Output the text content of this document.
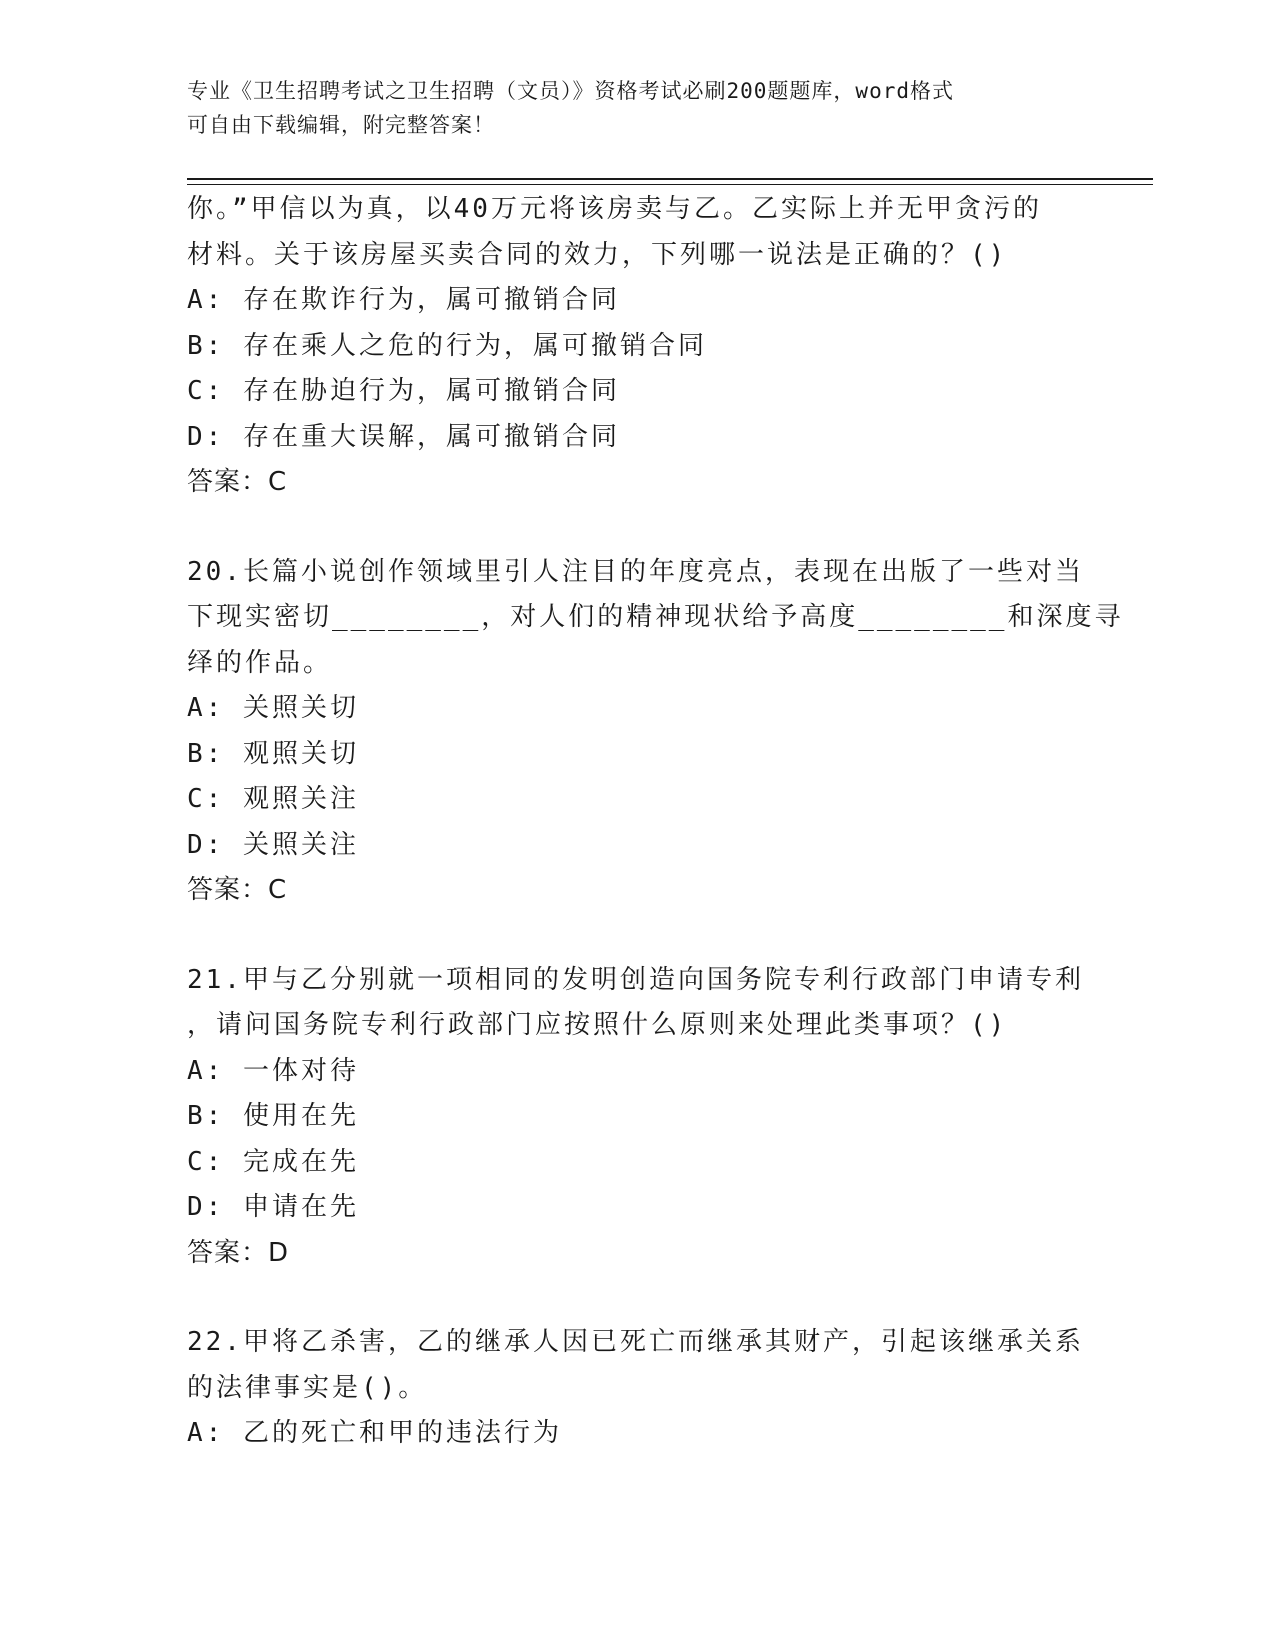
专业《卫生招聘考试之卫生招聘（文员）》资格考试必刷200题题库，word格式
可自由下载编辑，附完整答案！
你。”甲信以为真，以40万元将该房卖与乙。乙实际上并无甲贪污的
材料。关于该房屋买卖合同的效力，下列哪一说法是正确的？()
A: 存在欺诈行为，属可撤销合同
B: 存在乘人之危的行为，属可撤销合同
C: 存在胁迫行为，属可撤销合同
D: 存在重大误解，属可撤销合同
答案：C
20.长篇小说创作领域里引人注目的年度亮点，表现在出版了一些对当
下现实密切________，对人们的精神现状给予高度________和深度寻
绎的作品。
A: 关照关切
B: 观照关切
C: 观照关注
D: 关照关注
答案：C
21.甲与乙分别就一项相同的发明创造向国务院专利行政部门申请专利
，请问国务院专利行政部门应按照什么原则来处理此类事项？()
A: 一体对待
B: 使用在先
C: 完成在先
D: 申请在先
答案：D
22.甲将乙杀害，乙的继承人因已死亡而继承其财产，引起该继承关系
的法律事实是()。
A: 乙的死亡和甲的违法行为
